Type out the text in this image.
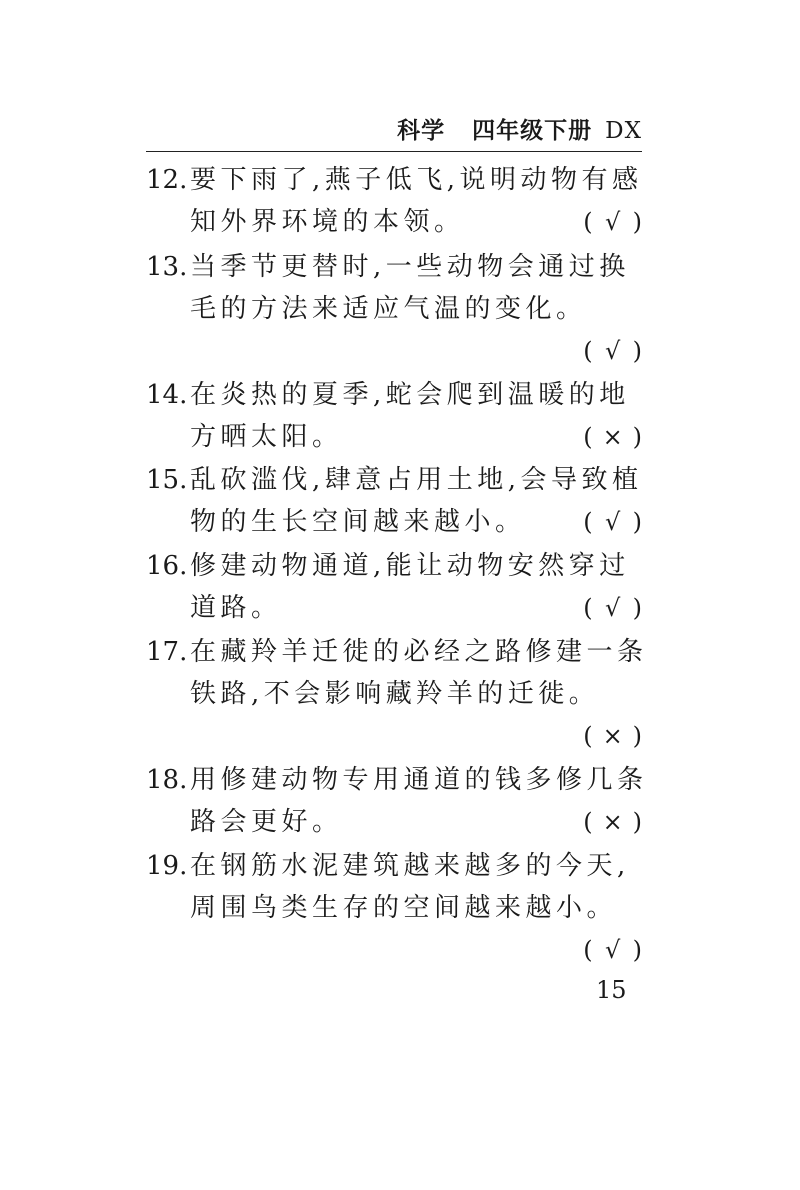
科学 四年级下册 DX
12. 要下雨了,燕子低飞,说明动物有感
知外界环境的本领。	( √ )
13. 当季节更替时,一些动物会通过换
毛的方法来适应气温的变化。
( √ )
14. 在炎热的夏季,蛇会爬到温暖的地
方晒太阳。	( × )
15. 乱砍滥伐,肆意占用土地,会导致植
物的生长空间越来越小。 ( √ )
16. 修建动物通道,能让动物安然穿过
道路。	( √ )
17. 在藏羚羊迁徙的必经之路修建一条
铁路,不会影响藏羚羊的迁徙。
( × )
18. 用修建动物专用通道的钱多修几条
路会更好。	( × )
19. 在钢筋水泥建筑越来越多的今天,
周围鸟类生存的空间越来越小。
( √ )
15
